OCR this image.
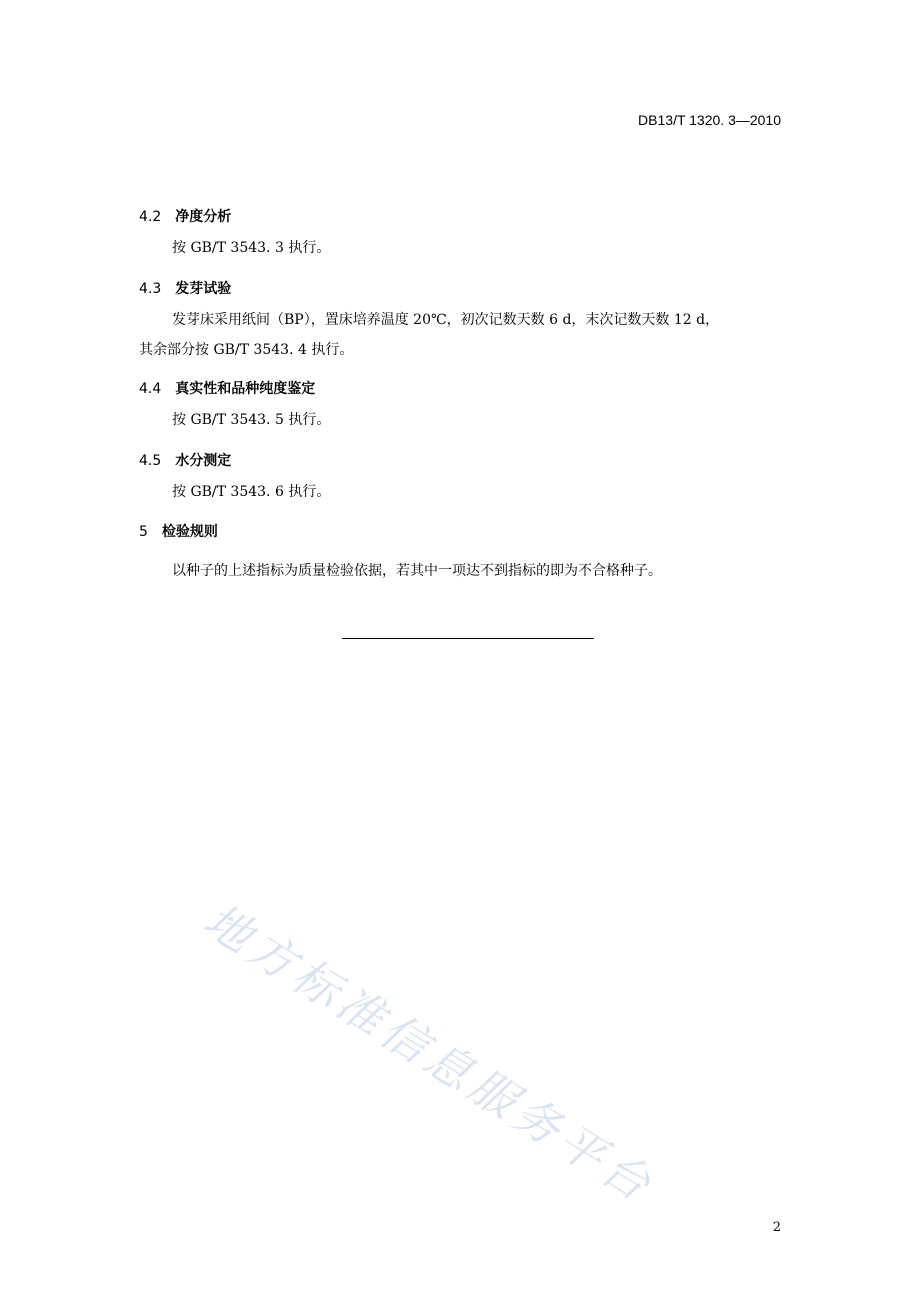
DB13/T 1320. 3—2010
4.2 净度分析
按 GB/T 3543. 3 执行。
4.3 发芽试验
发芽床采用纸间（BP），置床培养温度 20℃，初次记数天数 6 d，末次记数天数 12 d，
其余部分按 GB/T 3543. 4 执行。
4.4 真实性和品种纯度鉴定
按 GB/T 3543. 5 执行。
4.5 水分测定
按 GB/T 3543. 6 执行。
5 检验规则
以种子的上述指标为质量检验依据，若其中一项达不到指标的即为不合格种子。
地方标准信息服务平台
2
